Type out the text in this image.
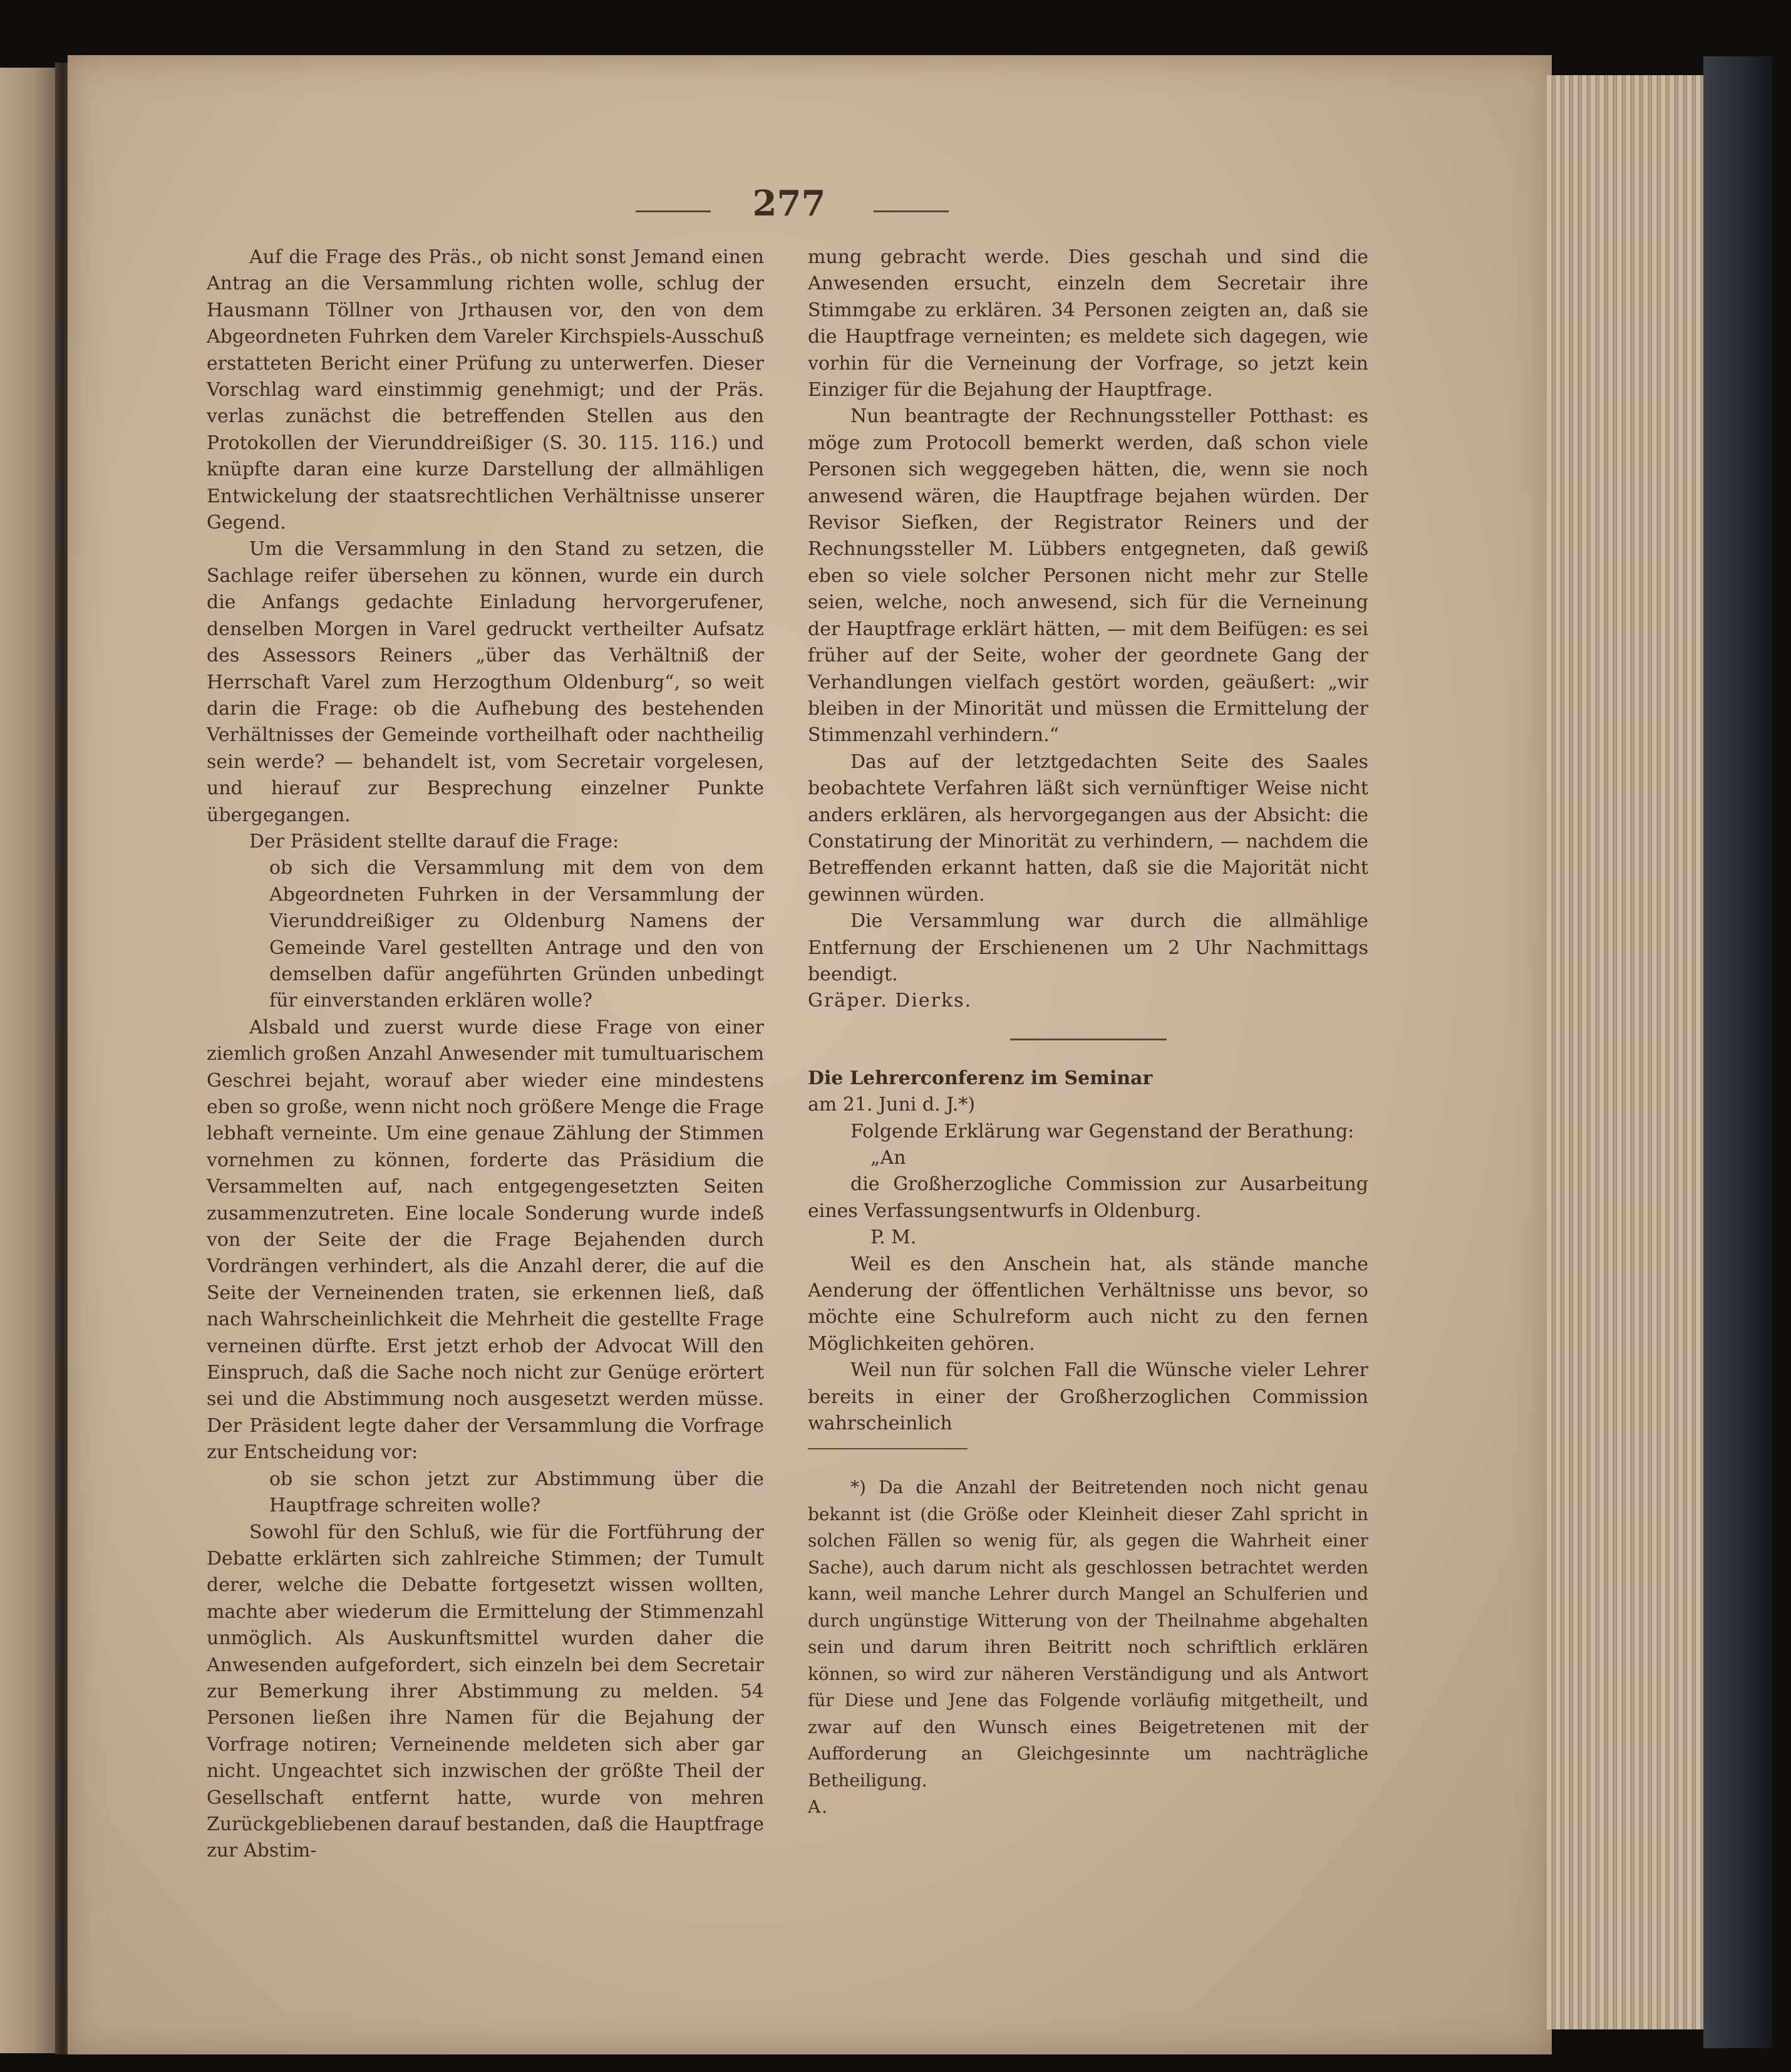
277

Auf die Frage des Präs., ob nicht sonst Jemand einen Antrag an die Versammlung richten wolle, schlug der Hausmann Töllner von Jrthausen vor, den von dem Abgeordneten Fuhrken dem Vareler Kirchspiels-Ausschuß erstatteten Bericht einer Prüfung zu unterwerfen. Dieser Vorschlag ward einstimmig genehmigt; und der Präs. verlas zunächst die betreffenden Stellen aus den Protokollen der Vierunddreißiger (S. 30. 115. 116.) und knüpfte daran eine kurze Darstellung der allmähligen Entwickelung der staatsrechtlichen Verhältnisse unserer Gegend.

Um die Versammlung in den Stand zu setzen, die Sachlage reifer übersehen zu können, wurde ein durch die Anfangs gedachte Einladung hervorgerufener, denselben Morgen in Varel gedruckt vertheilter Aufsatz des Assessors Reiners „über das Verhältniß der Herrschaft Varel zum Herzogthum Oldenburg“, so weit darin die Frage: ob die Aufhebung des bestehenden Verhältnisses der Gemeinde vortheilhaft oder nachtheilig sein werde? — behandelt ist, vom Secretair vorgelesen, und hierauf zur Besprechung einzelner Punkte übergegangen.

Der Präsident stellte darauf die Frage:

ob sich die Versammlung mit dem von dem Abgeordneten Fuhrken in der Versammlung der Vierunddreißiger zu Oldenburg Namens der Gemeinde Varel gestellten Antrage und den von demselben dafür angeführten Gründen unbedingt für einverstanden erklären wolle?

Alsbald und zuerst wurde diese Frage von einer ziemlich großen Anzahl Anwesender mit tumultuarischem Geschrei bejaht, worauf aber wieder eine mindestens eben so große, wenn nicht noch größere Menge die Frage lebhaft verneinte. Um eine genaue Zählung der Stimmen vornehmen zu können, forderte das Präsidium die Versammelten auf, nach entgegengesetzten Seiten zusammenzutreten. Eine locale Sonderung wurde indeß von der Seite der die Frage Bejahenden durch Vordrängen verhindert, als die Anzahl derer, die auf die Seite der Verneinenden traten, sie erkennen ließ, daß nach Wahrscheinlichkeit die Mehrheit die gestellte Frage verneinen dürfte. Erst jetzt erhob der Advocat Will den Einspruch, daß die Sache noch nicht zur Genüge erörtert sei und die Abstimmung noch ausgesetzt werden müsse. Der Präsident legte daher der Versammlung die Vorfrage zur Entscheidung vor:

ob sie schon jetzt zur Abstimmung über die Hauptfrage schreiten wolle?

Sowohl für den Schluß, wie für die Fortführung der Debatte erklärten sich zahlreiche Stimmen; der Tumult derer, welche die Debatte fortgesetzt wissen wollten, machte aber wiederum die Ermittelung der Stimmenzahl unmöglich. Als Auskunftsmittel wurden daher die Anwesenden aufgefordert, sich einzeln bei dem Secretair zur Bemerkung ihrer Abstimmung zu melden. 54 Personen ließen ihre Namen für die Bejahung der Vorfrage notiren; Verneinende meldeten sich aber gar nicht. Ungeachtet sich inzwischen der größte Theil der Gesellschaft entfernt hatte, wurde von mehren Zurückgebliebenen darauf bestanden, daß die Hauptfrage zur Abstim-

mung gebracht werde. Dies geschah und sind die Anwesenden ersucht, einzeln dem Secretair ihre Stimmgabe zu erklären. 34 Personen zeigten an, daß sie die Hauptfrage verneinten; es meldete sich dagegen, wie vorhin für die Verneinung der Vorfrage, so jetzt kein Einziger für die Bejahung der Hauptfrage.

Nun beantragte der Rechnungssteller Potthast: es möge zum Protocoll bemerkt werden, daß schon viele Personen sich weggegeben hätten, die, wenn sie noch anwesend wären, die Hauptfrage bejahen würden. Der Revisor Siefken, der Registrator Reiners und der Rechnungssteller M. Lübbers entgegneten, daß gewiß eben so viele solcher Personen nicht mehr zur Stelle seien, welche, noch anwesend, sich für die Verneinung der Hauptfrage erklärt hätten, — mit dem Beifügen: es sei früher auf der Seite, woher der geordnete Gang der Verhandlungen vielfach gestört worden, geäußert: „wir bleiben in der Minorität und müssen die Ermittelung der Stimmenzahl verhindern.“

Das auf der letztgedachten Seite des Saales beobachtete Verfahren läßt sich vernünftiger Weise nicht anders erklären, als hervorgegangen aus der Absicht: die Constatirung der Minorität zu verhindern, — nachdem die Betreffenden erkannt hatten, daß sie die Majorität nicht gewinnen würden.

Die Versammlung war durch die allmählige Entfernung der Erschienenen um 2 Uhr Nachmittags beendigt.

Gräper. Dierks.

Die Lehrerconferenz im Seminar

am 21. Juni d. J.*)

Folgende Erklärung war Gegenstand der Berathung:

„An

die Großherzogliche Commission zur Ausarbeitung eines Verfassungsentwurfs in Oldenburg.

P. M.

Weil es den Anschein hat, als stände manche Aenderung der öffentlichen Verhältnisse uns bevor, so möchte eine Schulreform auch nicht zu den fernen Möglichkeiten gehören.

Weil nun für solchen Fall die Wünsche vieler Lehrer bereits in einer der Großherzoglichen Commission wahrscheinlich

*) Da die Anzahl der Beitretenden noch nicht genau bekannt ist (die Größe oder Kleinheit dieser Zahl spricht in solchen Fällen so wenig für, als gegen die Wahrheit einer Sache), auch darum nicht als geschlossen betrachtet werden kann, weil manche Lehrer durch Mangel an Schulferien und durch ungünstige Witterung von der Theilnahme abgehalten sein und darum ihren Beitritt noch schriftlich erklären können, so wird zur näheren Verständigung und als Antwort für Diese und Jene das Folgende vorläufig mitgetheilt, und zwar auf den Wunsch eines Beigetretenen mit der Aufforderung an Gleichgesinnte um nachträgliche Betheiligung.

A.
